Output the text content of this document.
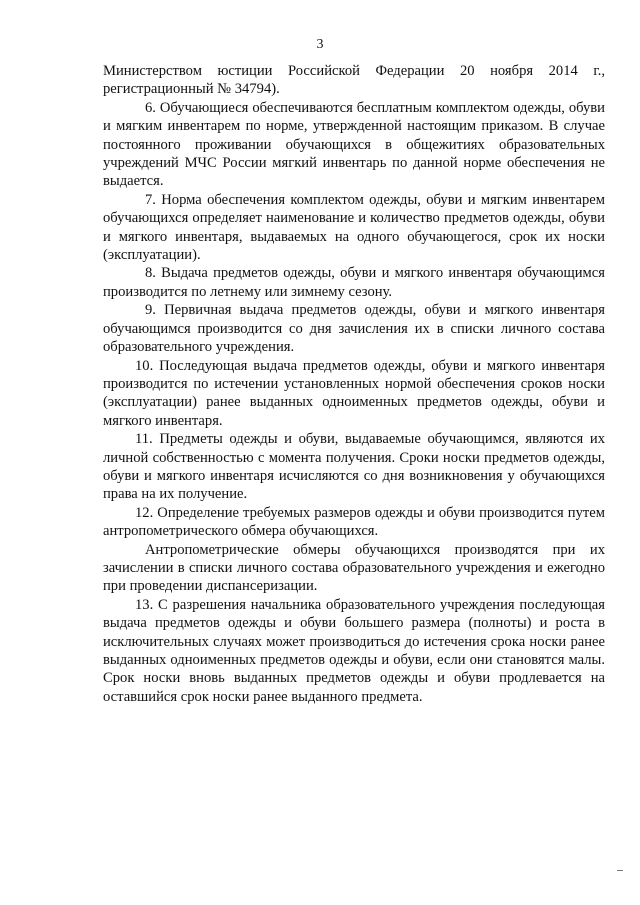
3

Министерством юстиции Российской Федерации 20 ноября 2014 г., регистрационный № 34794).

6. Обучающиеся обеспечиваются бесплатным комплектом одежды, обуви и мягким инвентарем по норме, утвержденной настоящим приказом. В случае постоянного проживании обучающихся в общежитиях образовательных учреждений МЧС России мягкий инвентарь по данной норме обеспечения не выдается.

7. Норма обеспечения комплектом одежды, обуви и мягким инвентарем обучающихся определяет наименование и количество предметов одежды, обуви и мягкого инвентаря, выдаваемых на одного обучающегося, срок их носки (эксплуатации).

8. Выдача предметов одежды, обуви и мягкого инвентаря обучающимся производится по летнему или зимнему сезону.

9. Первичная выдача предметов одежды, обуви и мягкого инвентаря обучающимся производится со дня зачисления их в списки личного состава образовательного учреждения.

10. Последующая выдача предметов одежды, обуви и мягкого инвентаря производится по истечении установленных нормой обеспечения сроков носки (эксплуатации) ранее выданных одноименных предметов одежды, обуви и мягкого инвентаря.

11. Предметы одежды и обуви, выдаваемые обучающимся, являются их личной собственностью с момента получения. Сроки носки предметов одежды, обуви и мягкого инвентаря исчисляются со дня возникновения у обучающихся права на их получение.

12. Определение требуемых размеров одежды и обуви производится путем антропометрического обмера обучающихся.

Антропометрические обмеры обучающихся производятся при их зачислении в списки личного состава образовательного учреждения и ежегодно при проведении диспансеризации.

13. С разрешения начальника образовательного учреждения последующая выдача предметов одежды и обуви большего размера (полноты) и роста в исключительных случаях может производиться до истечения срока носки ранее выданных одноименных предметов одежды и обуви, если они становятся малы. Срок носки вновь выданных предметов одежды и обуви продлевается на оставшийся срок носки ранее выданного предмета.
